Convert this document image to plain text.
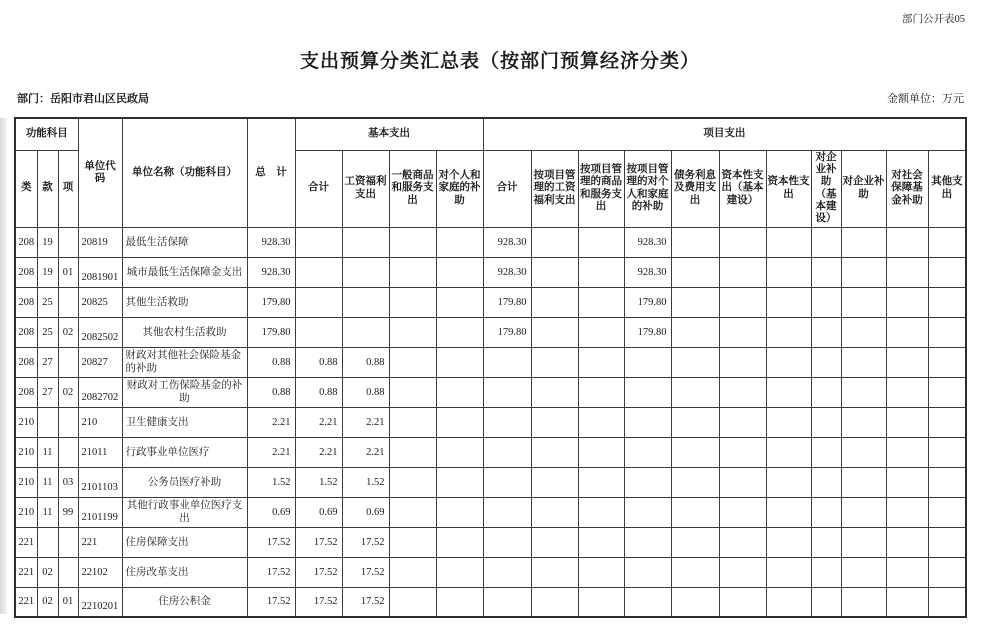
部门公开表05
支出预算分类汇总表（按部门预算经济分类）
部门：岳阳市君山区民政局	金额单位：万元
功能科目			单位代码	单位名称（功能科目）	总　计	基本支出				项目支出										
类	款	项				合计	工资福利支出	一般商品和服务支出	对个人和家庭的补助	合计	按项目管理的工资福利支出	按项目管理的商品和服务支出	按项目管理的对个人和家庭的补助	债务利息及费用支出	资本性支出（基本建设）	资本性支出	对企业补助（基本建设）	对企业补助	对社会保障基金补助	其他支出
208	19		20819	最低生活保障	928.30					928.30			928.30							
208	19	01	2081901	城市最低生活保障金支出	928.30					928.30			928.30							
208	25		20825	其他生活救助	179.80					179.80			179.80							
208	25	02	2082502	其他农村生活救助	179.80					179.80			179.80							
208	27		20827	财政对其他社会保险基金的补助	0.88	0.88	0.88													
208	27	02	2082702	财政对工伤保险基金的补助	0.88	0.88	0.88													
210			210	卫生健康支出	2.21	2.21	2.21													
210	11		21011	行政事业单位医疗	2.21	2.21	2.21													
210	11	03	2101103	公务员医疗补助	1.52	1.52	1.52													
210	11	99	2101199	其他行政事业单位医疗支出	0.69	0.69	0.69													
221			221	住房保障支出	17.52	17.52	17.52													
221	02		22102	住房改革支出	17.52	17.52	17.52													
221	02	01	2210201	住房公积金	17.52	17.52	17.52													
